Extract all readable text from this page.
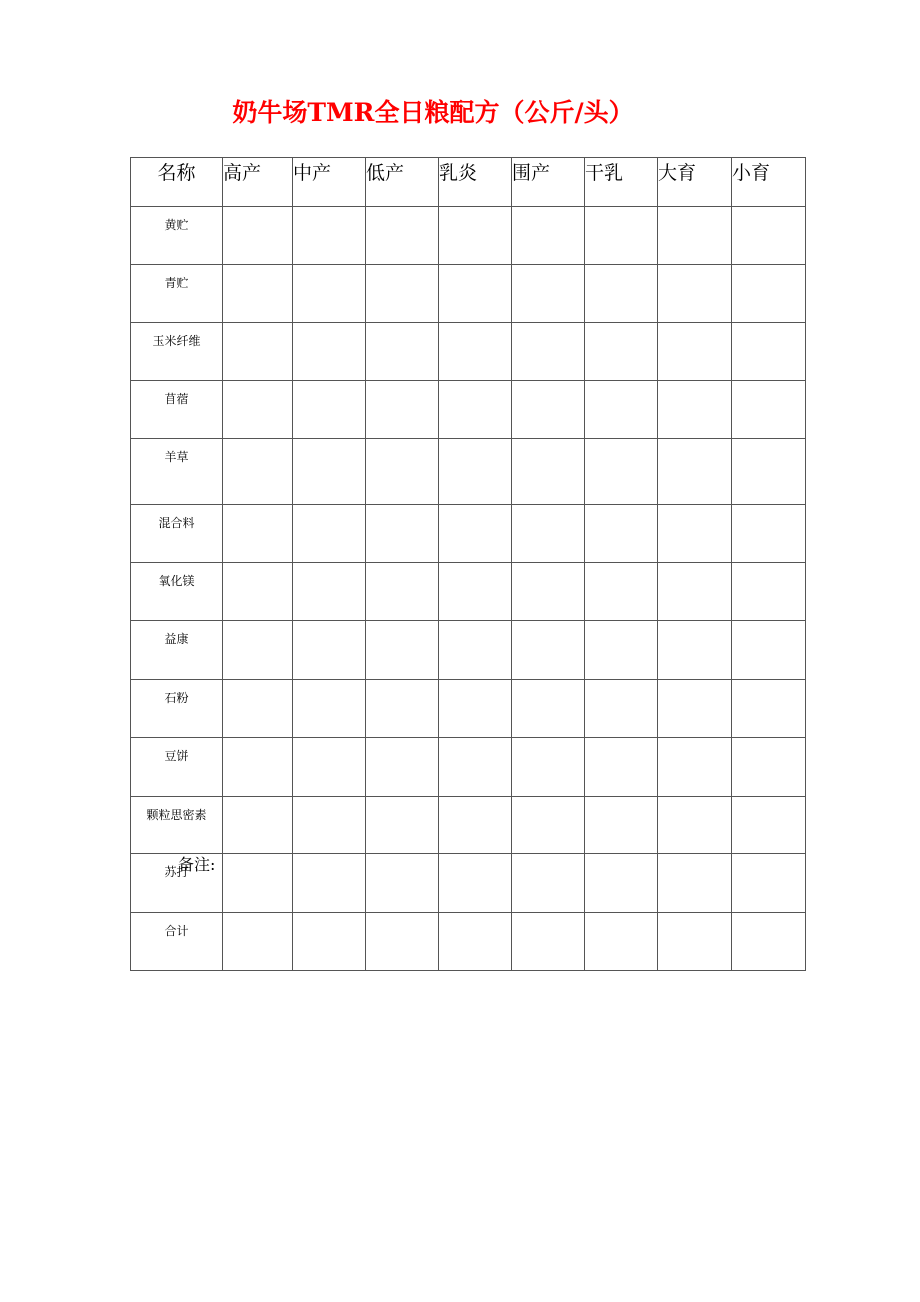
奶牛场TMR全日粮配方（公斤/头）
名称	高产	中产	低产	乳炎	围产	干乳	大育	小育
黄贮								
青贮								
玉米纤维								
苜蓿								
羊草								
混合料								
氧化镁								
益康								
石粉								
豆饼								
颗粒思密素								
苏打								
合计								
备注:
